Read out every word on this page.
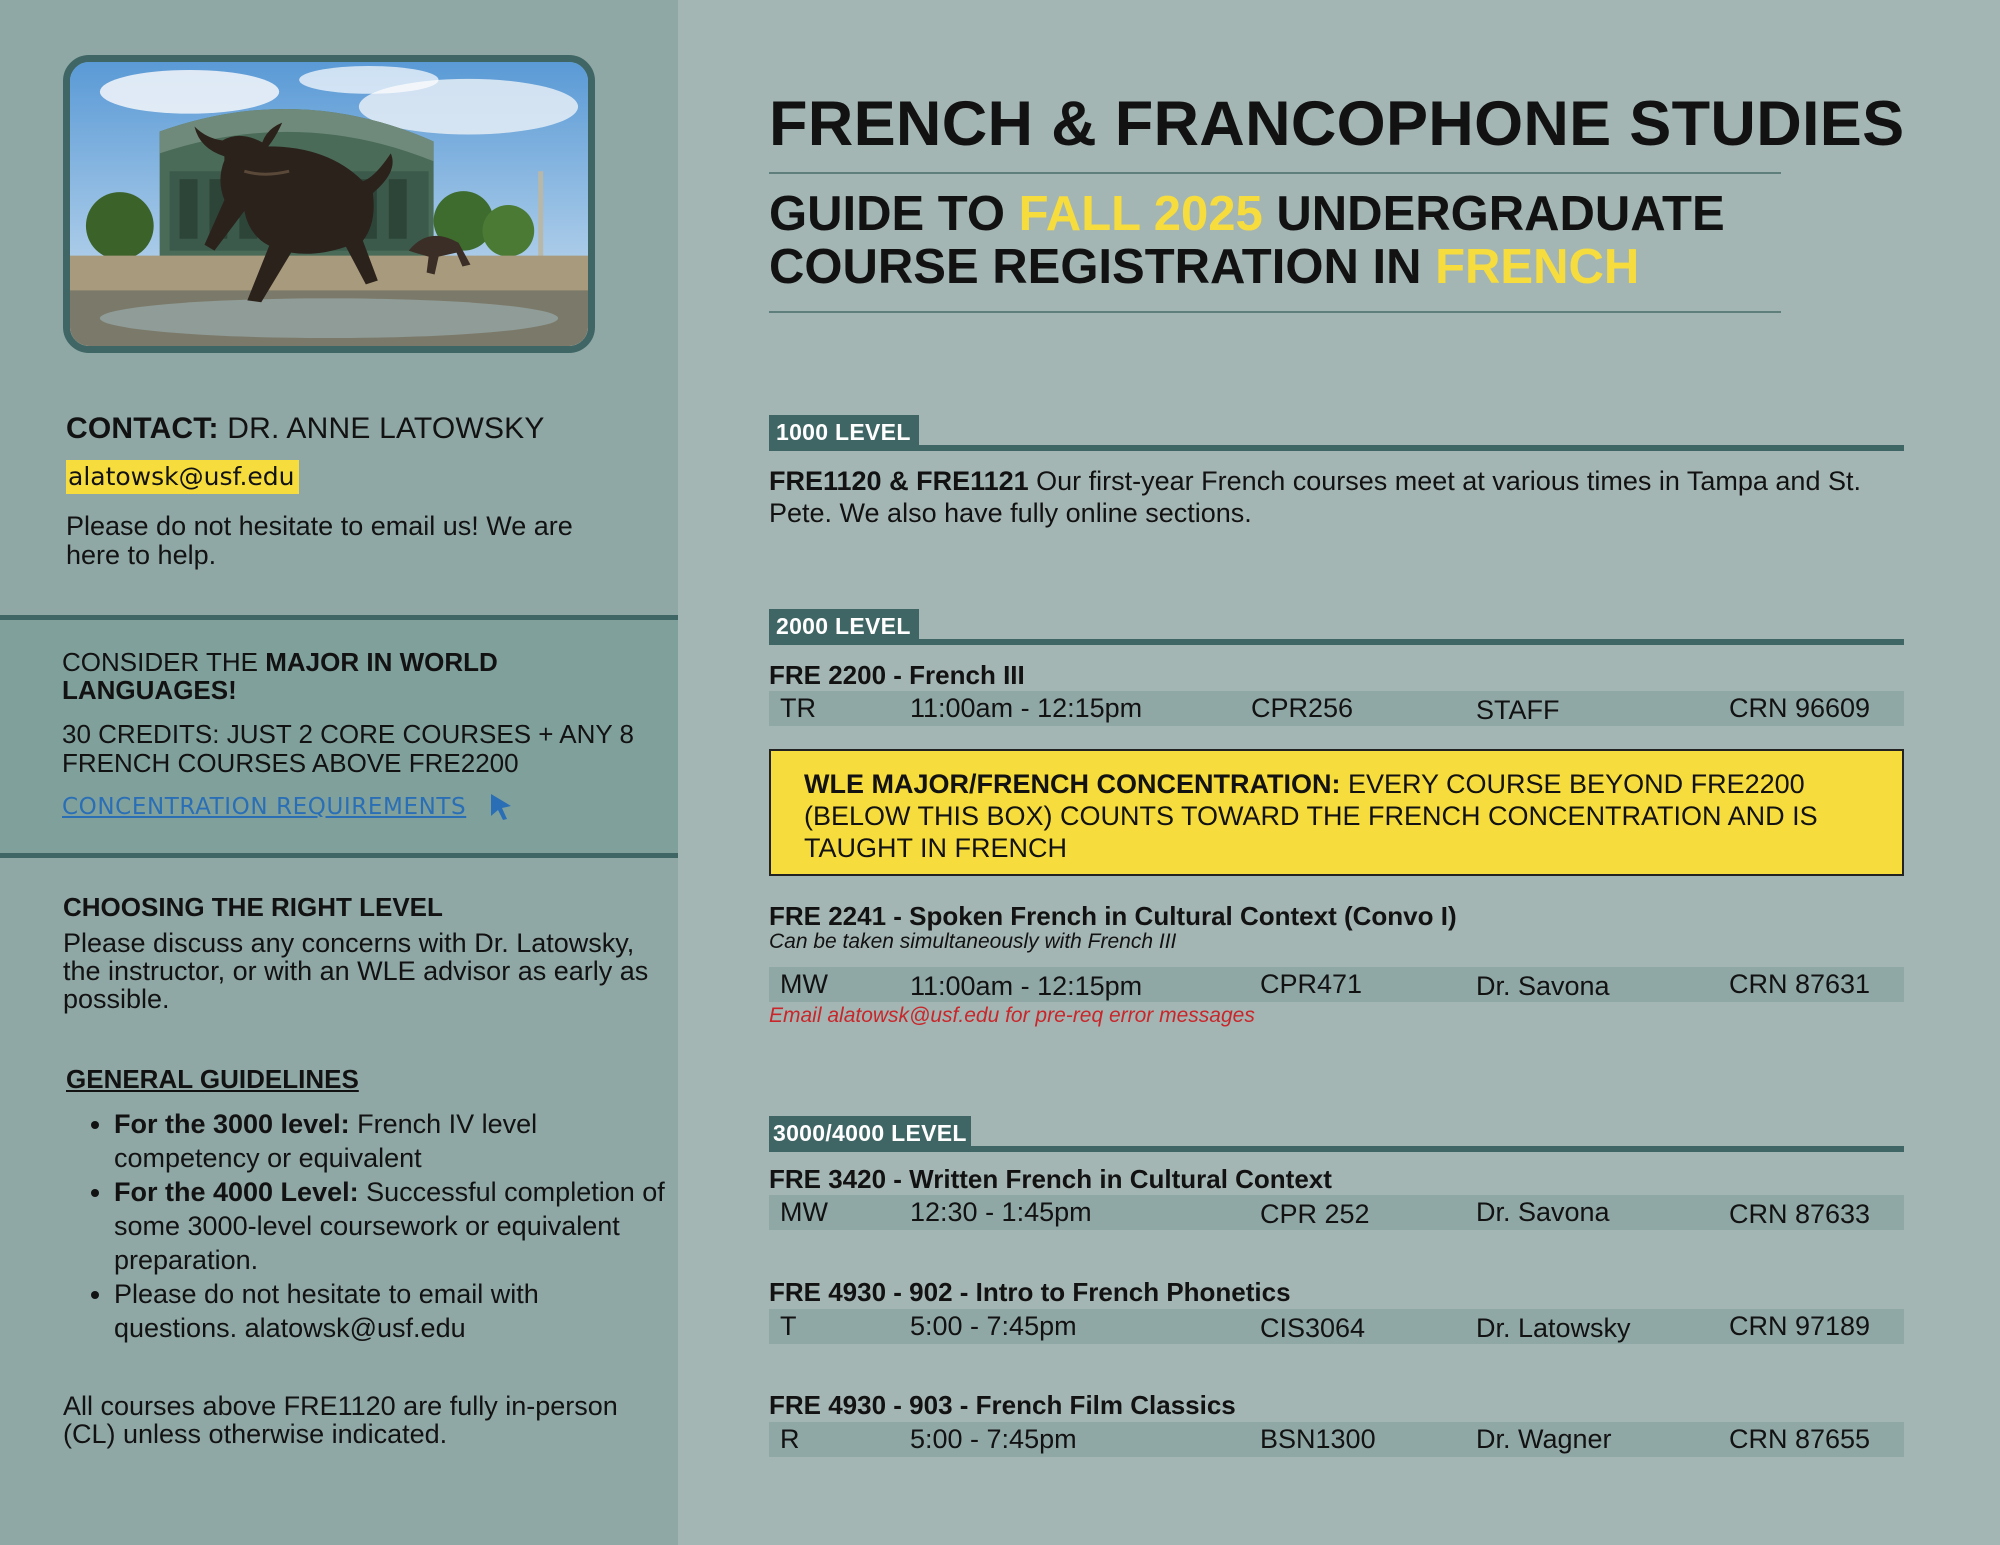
CONTACT: DR. ANNE LATOWSKY
alatowsk@usf.edu

Please do not hesitate to email us! We are here to help.

CONSIDER THE MAJOR IN WORLD LANGUAGES!

30 CREDITS: JUST 2 CORE COURSES + ANY 8 FRENCH COURSES ABOVE FRE2200

CONCENTRATION REQUIREMENTS
CHOOSING THE RIGHT LEVEL

Please discuss any concerns with Dr. Latowsky, the instructor, or with an WLE advisor as early as possible.

GENERAL GUIDELINES
• For the 3000 level: French IV level competency or equivalent
• For the 4000 Level: Successful completion of some 3000-level coursework or equivalent preparation.
• Please do not hesitate to email with questions. alatowsk@usf.edu

All courses above FRE1120 are fully in-person (CL) unless otherwise indicated.

FRENCH & FRANCOPHONE STUDIES
GUIDE TO FALL 2025 UNDERGRADUATE
COURSE REGISTRATION IN FRENCH
1000 LEVEL

FRE1120 & FRE1121 Our first-year French courses meet at various times in Tampa and St. Pete. We also have fully online sections.

2000 LEVEL
FRE 2200 - French III
TR	11:00am - 12:15pm	CPR256	STAFF	CRN 96609
WLE MAJOR/FRENCH CONCENTRATION: EVERY COURSE BEYOND FRE2200 (BELOW THIS BOX) COUNTS TOWARD THE FRENCH CONCENTRATION AND IS TAUGHT IN FRENCH
FRE 2241 - Spoken French in Cultural Context (Convo I)
Can be taken simultaneously with French III
MW	11:00am - 12:15pm	CPR471	Dr. Savona	CRN 87631
Email alatowsk@usf.edu for pre-req error messages
3000/4000 LEVEL
FRE 3420 - Written French in Cultural Context
MW	12:30 - 1:45pm	CPR 252	Dr. Savona	CRN 87633
FRE 4930 - 902 - Intro to French Phonetics
T	5:00 - 7:45pm	CIS3064	Dr. Latowsky	CRN 97189
FRE 4930 - 903 - French Film Classics
R	5:00 - 7:45pm	BSN1300	Dr. Wagner	CRN 87655
